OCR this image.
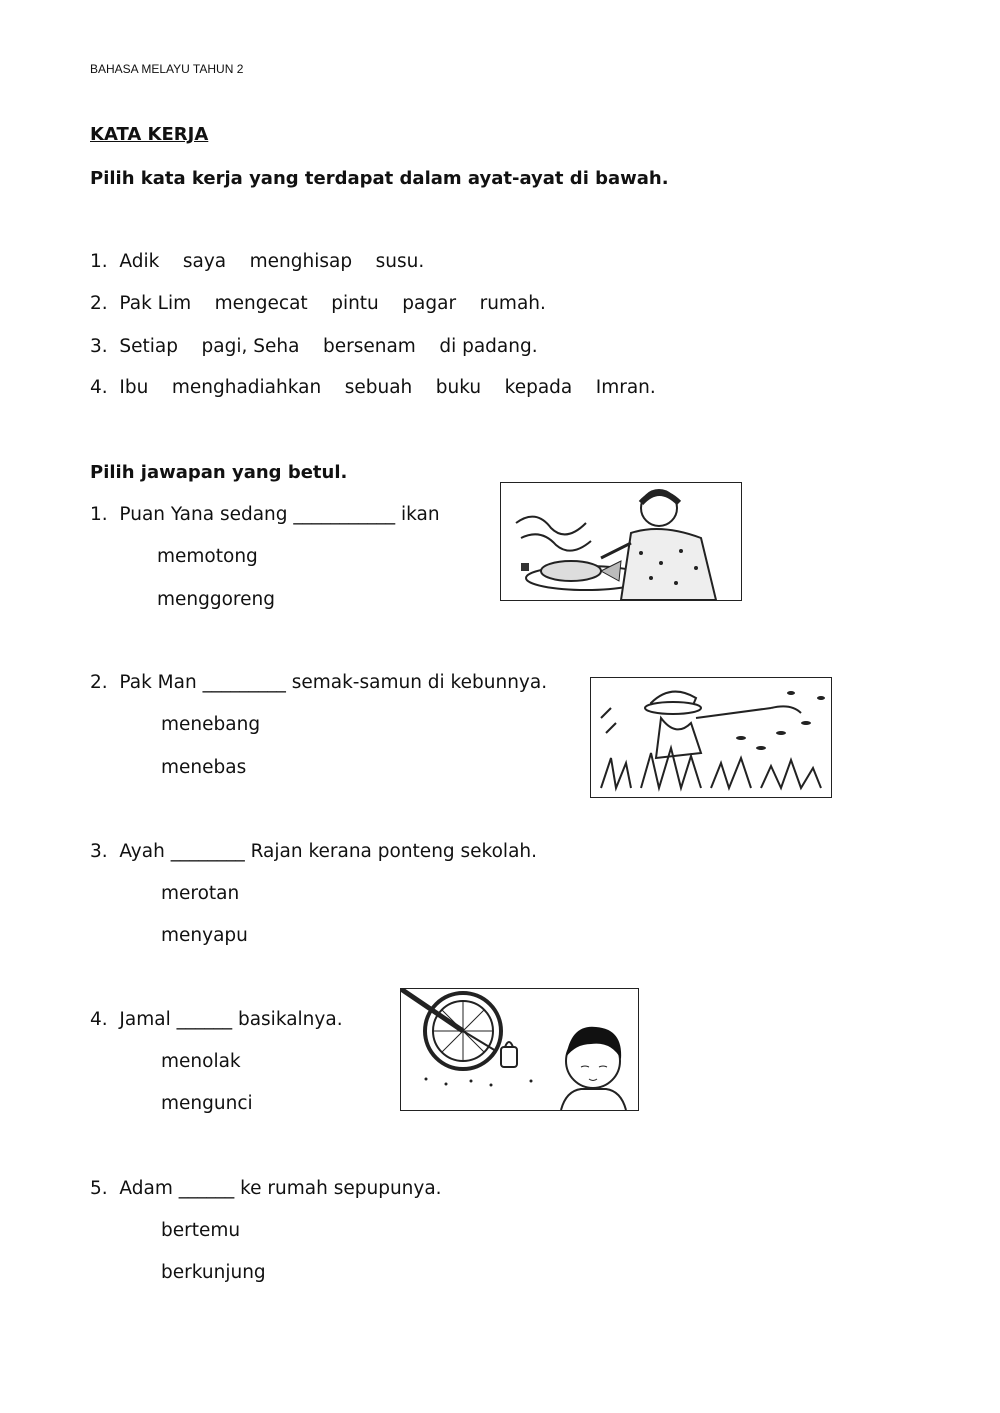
BAHASA MELAYU TAHUN 2
KATA KERJA
Pilih kata kerja yang terdapat dalam ayat-ayat di bawah.
1.  Adik    saya    menghisap    susu.
2.  Pak Lim    mengecat    pintu    pagar    rumah.
3.  Setiap    pagi, Seha    bersenam    di padang.
4.  Ibu    menghadiahkan    sebuah    buku    kepada    Imran.
Pilih jawapan yang betul.
1.  Puan Yana sedang ___________ ikan
memotong
menggoreng
2.  Pak Man _________ semak-samun di kebunnya.
menebang
menebas
3.  Ayah ________ Rajan kerana ponteng sekolah.
merotan
menyapu
4.  Jamal ______ basikalnya.
menolak
mengunci
5.  Adam ______ ke rumah sepupunya.
bertemu
berkunjung
